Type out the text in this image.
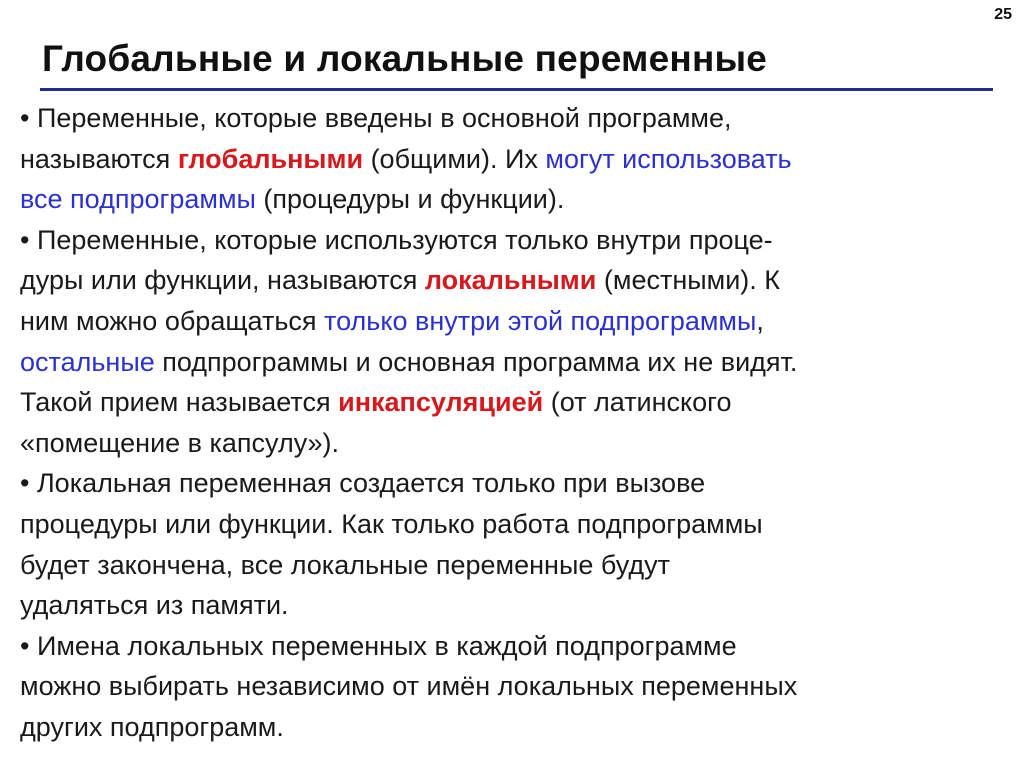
25
Глобальные и локальные переменные
• Переменные, которые введены в основной программе,
называются глобальными (общими). Их могут использовать
все подпрограммы (процедуры и функции).
• Переменные, которые используются только внутри проце-
дуры или функции, называются локальными (местными). К
ним можно обращаться только внутри этой подпрограммы,
остальные подпрограммы и основная программа их не видят.
Такой прием называется инкапсуляцией (от латинского
«помещение в капсулу»).
• Локальная переменная создается только при вызове
процедуры или функции. Как только работа подпрограммы
будет закончена, все локальные переменные будут
удаляться из памяти.
• Имена локальных переменных в каждой подпрограмме
можно выбирать независимо от имён локальных переменных
других подпрограмм.
